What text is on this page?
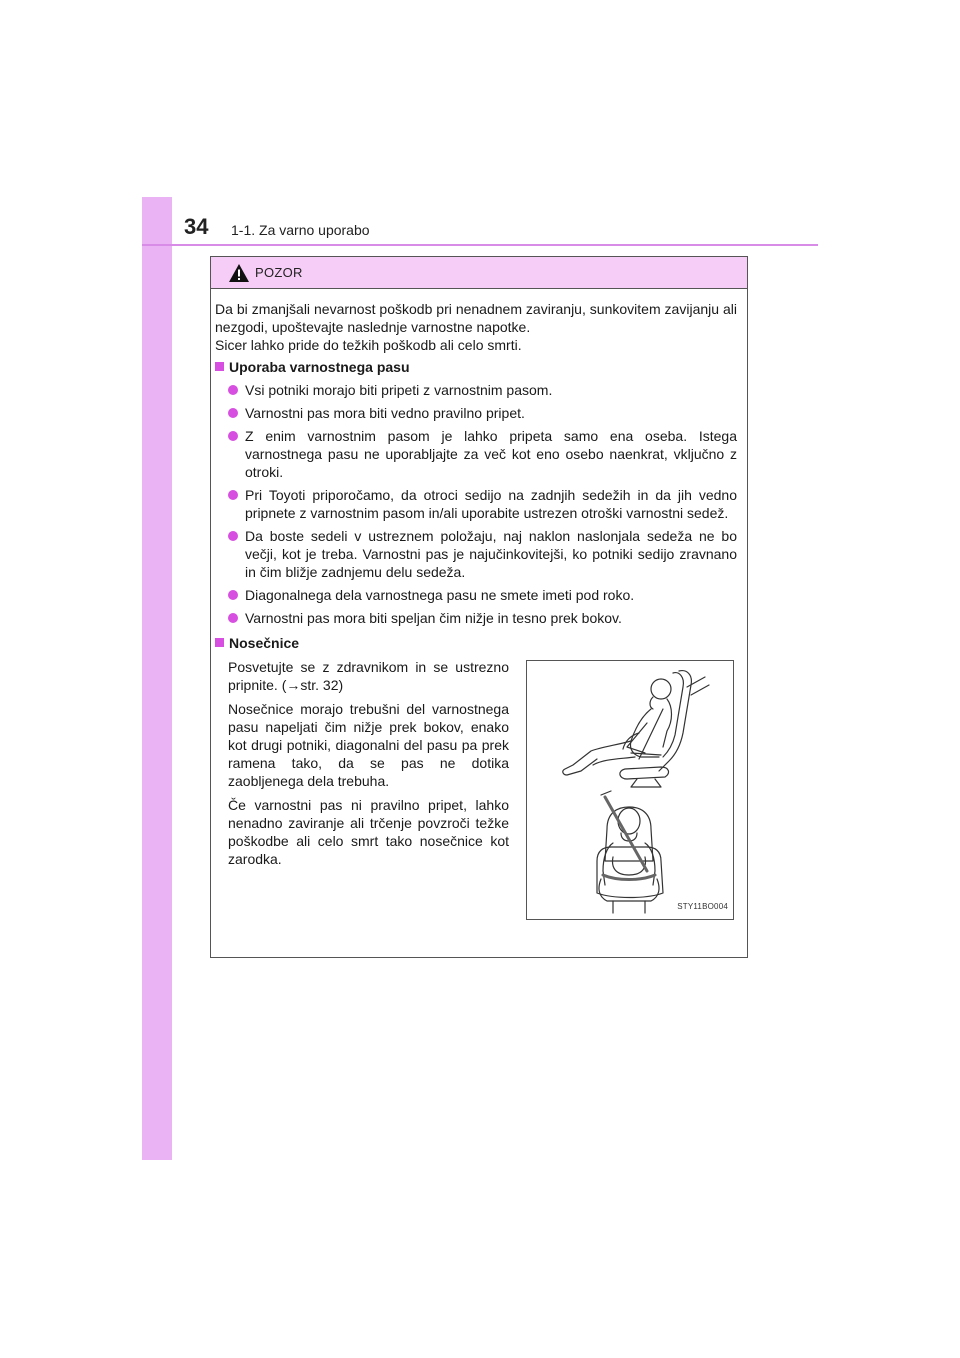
34 1-1. Za varno uporabo
POZOR

Da bi zmanjšali nevarnost poškodb pri nenadnem zaviranju, sunkovitem zavijanju ali nezgodi, upoštevajte naslednje varnostne napotke.
Sicer lahko pride do težkih poškodb ali celo smrti.

Uporaba varnostnega pasu

Vsi potniki morajo biti pripeti z varnostnim pasom.

Varnostni pas mora biti vedno pravilno pripet.

Z enim varnostnim pasom je lahko pripeta samo ena oseba. Istega varnostnega pasu ne uporabljajte za več kot eno osebo naenkrat, vključno z otroki.

Pri Toyoti priporočamo, da otroci sedijo na zadnjih sedežih in da jih vedno pripnete z varnostnim pasom in/ali uporabite ustrezen otroški varnostni sedež.

Da boste sedeli v ustreznem položaju, naj naklon naslonjala sedeža ne bo večji, kot je treba. Varnostni pas je najučinkovitejši, ko potniki sedijo zravnano in čim bližje zadnjemu delu sedeža.

Diagonalnega dela varnostnega pasu ne smete imeti pod roko.

Varnostni pas mora biti speljan čim nižje in tesno prek bokov.

Nosečnice

Posvetujte se z zdravnikom in se ustrezno pripnite. (→str. 32)

Nosečnice morajo trebušni del varnostnega pasu napeljati čim nižje prek bokov, enako kot drugi potniki, diagonalni del pasu pa prek ramena tako, da se pas ne dotika zaobljenega dela trebuha.

Če varnostni pas ni pravilno pripet, lahko nenadno zaviranje ali trčenje povzroči težke poškodbe ali celo smrt tako nosečnice kot zarodka.

STY11BO004
